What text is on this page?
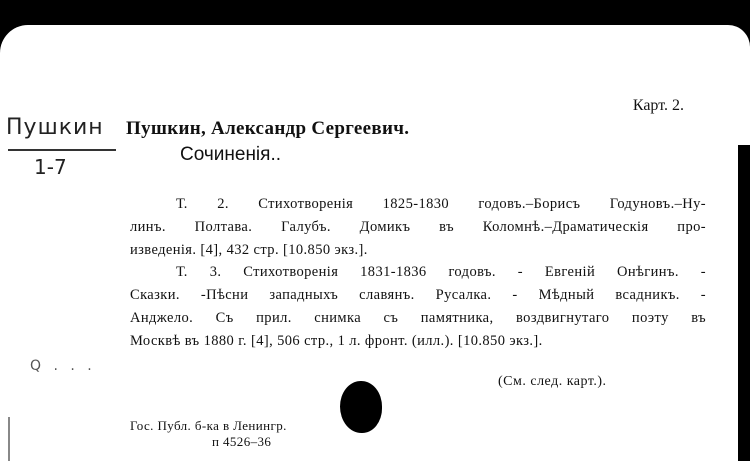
Карт. 2.
Пушкин
1-7
Пушкин, Александр Сергеевич.
Сочиненія..
Т. 2. Стихотворенія 1825-1830 годовъ.–Борисъ Годуновъ.–Ну-
линъ. Полтава. Галубъ. Домикъ въ Коломнѣ.–Драматическія про-
изведенія. [4], 432 стр. [10.850 экз.].
Т. 3. Стихотворенія 1831-1836 годовъ. - Евгеній Онѣгинъ. -
Сказки. -Пѣсни западныхъ славянъ. Русалка. - Мѣдный всадникъ. -
Анджело. Съ прил. снимка съ памятника, воздвигнутаго поэту въ
Москвѣ въ 1880 г. [4], 506 стр., 1 л. фронт. (илл.). [10.850 экз.].
Q . . .
(См. след. карт.).
Гос. Публ. б-ка в Ленингр.
п 4526–36
